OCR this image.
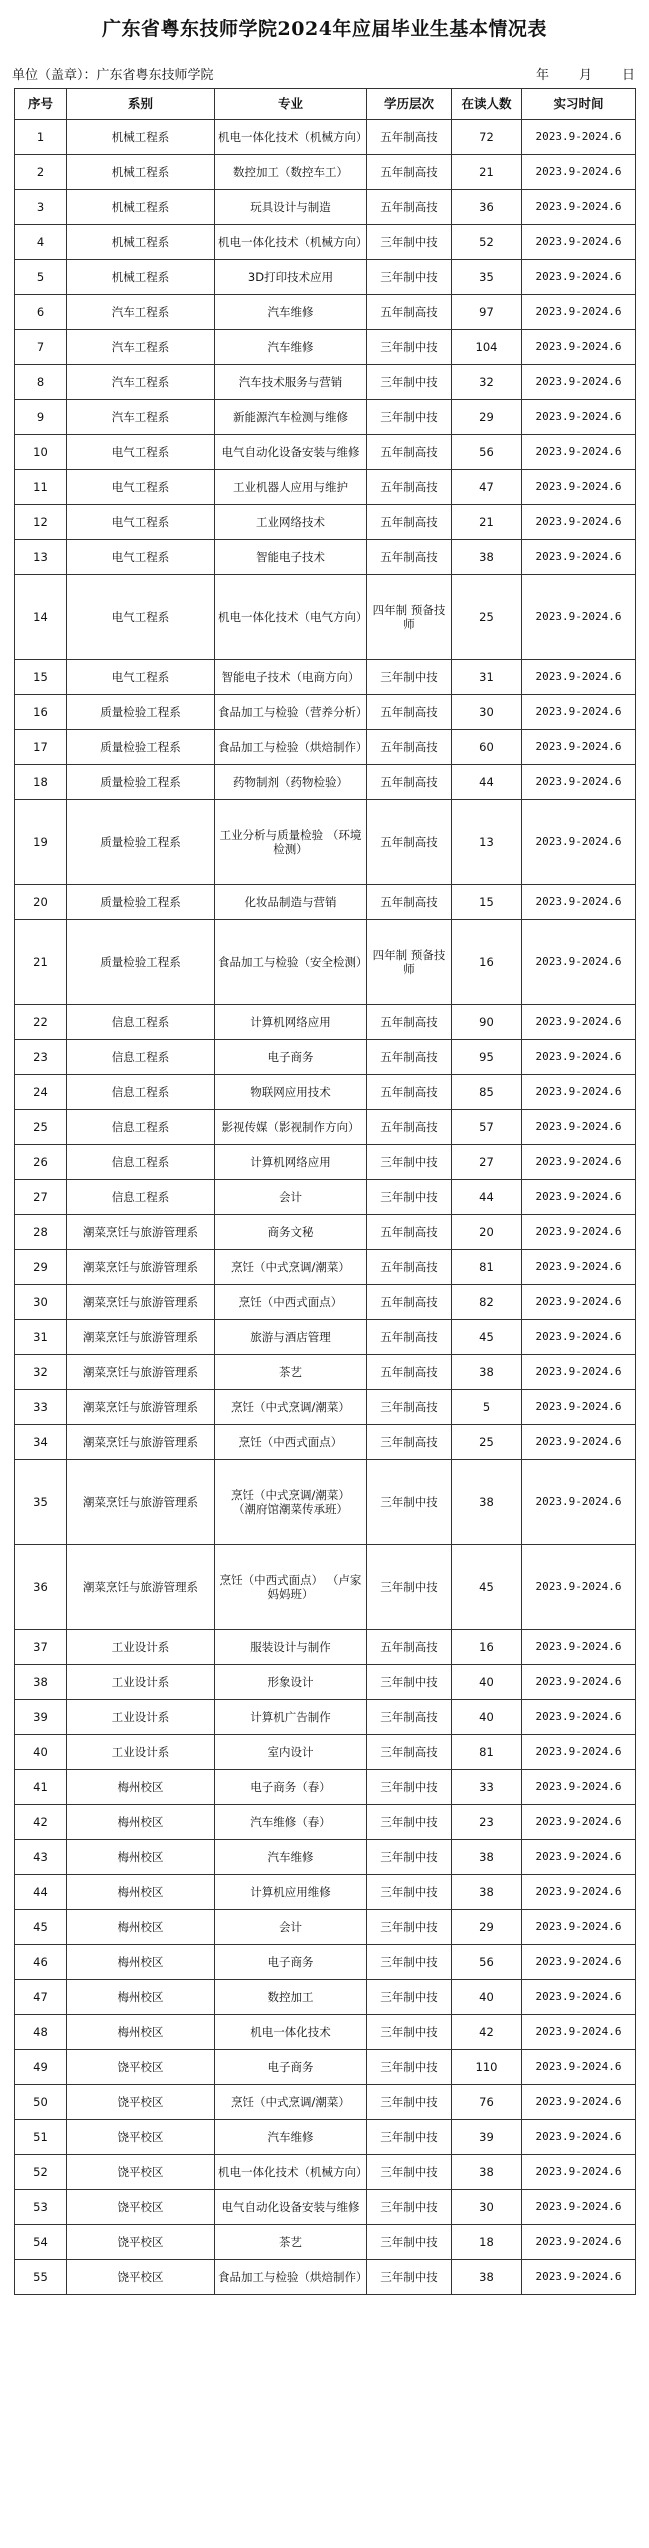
广东省粤东技师学院2024年应届毕业生基本情况表
单位（盖章）：广东省粤东技师学院	年 月 日
序号	系别	专业	学历层次	在读人数	实习时间
1	机械工程系	机电一体化技术（机械方向）	五年制高技	72	2023.9-2024.6
2	机械工程系	数控加工（数控车工）	五年制高技	21	2023.9-2024.6
3	机械工程系	玩具设计与制造	五年制高技	36	2023.9-2024.6
4	机械工程系	机电一体化技术（机械方向）	三年制中技	52	2023.9-2024.6
5	机械工程系	3D打印技术应用	三年制中技	35	2023.9-2024.6
6	汽车工程系	汽车维修	五年制高技	97	2023.9-2024.6
7	汽车工程系	汽车维修	三年制中技	104	2023.9-2024.6
8	汽车工程系	汽车技术服务与营销	三年制中技	32	2023.9-2024.6
9	汽车工程系	新能源汽车检测与维修	三年制中技	29	2023.9-2024.6
10	电气工程系	电气自动化设备安装与维修	五年制高技	56	2023.9-2024.6
11	电气工程系	工业机器人应用与维护	五年制高技	47	2023.9-2024.6
12	电气工程系	工业网络技术	五年制高技	21	2023.9-2024.6
13	电气工程系	智能电子技术	五年制高技	38	2023.9-2024.6
14	电气工程系	机电一体化技术（电气方向）	四年制 预备技师	25	2023.9-2024.6
15	电气工程系	智能电子技术（电商方向）	三年制中技	31	2023.9-2024.6
16	质量检验工程系	食品加工与检验（营养分析）	五年制高技	30	2023.9-2024.6
17	质量检验工程系	食品加工与检验（烘焙制作）	五年制高技	60	2023.9-2024.6
18	质量检验工程系	药物制剂（药物检验）	五年制高技	44	2023.9-2024.6
19	质量检验工程系	工业分析与质量检验 （环境检测）	五年制高技	13	2023.9-2024.6
20	质量检验工程系	化妆品制造与营销	五年制高技	15	2023.9-2024.6
21	质量检验工程系	食品加工与检验（安全检测）	四年制 预备技师	16	2023.9-2024.6
22	信息工程系	计算机网络应用	五年制高技	90	2023.9-2024.6
23	信息工程系	电子商务	五年制高技	95	2023.9-2024.6
24	信息工程系	物联网应用技术	五年制高技	85	2023.9-2024.6
25	信息工程系	影视传媒（影视制作方向）	五年制高技	57	2023.9-2024.6
26	信息工程系	计算机网络应用	三年制中技	27	2023.9-2024.6
27	信息工程系	会计	三年制中技	44	2023.9-2024.6
28	潮菜烹饪与旅游管理系	商务文秘	五年制高技	20	2023.9-2024.6
29	潮菜烹饪与旅游管理系	烹饪（中式烹调/潮菜）	五年制高技	81	2023.9-2024.6
30	潮菜烹饪与旅游管理系	烹饪（中西式面点）	五年制高技	82	2023.9-2024.6
31	潮菜烹饪与旅游管理系	旅游与酒店管理	五年制高技	45	2023.9-2024.6
32	潮菜烹饪与旅游管理系	茶艺	五年制高技	38	2023.9-2024.6
33	潮菜烹饪与旅游管理系	烹饪（中式烹调/潮菜）	三年制高技	5	2023.9-2024.6
34	潮菜烹饪与旅游管理系	烹饪（中西式面点）	三年制高技	25	2023.9-2024.6
35	潮菜烹饪与旅游管理系	烹饪（中式烹调/潮菜） （潮府馆潮菜传承班）	三年制中技	38	2023.9-2024.6
36	潮菜烹饪与旅游管理系	烹饪（中西式面点） （卢家妈妈班）	三年制中技	45	2023.9-2024.6
37	工业设计系	服装设计与制作	五年制高技	16	2023.9-2024.6
38	工业设计系	形象设计	三年制中技	40	2023.9-2024.6
39	工业设计系	计算机广告制作	三年制高技	40	2023.9-2024.6
40	工业设计系	室内设计	三年制高技	81	2023.9-2024.6
41	梅州校区	电子商务（春）	三年制中技	33	2023.9-2024.6
42	梅州校区	汽车维修（春）	三年制中技	23	2023.9-2024.6
43	梅州校区	汽车维修	三年制中技	38	2023.9-2024.6
44	梅州校区	计算机应用维修	三年制中技	38	2023.9-2024.6
45	梅州校区	会计	三年制中技	29	2023.9-2024.6
46	梅州校区	电子商务	三年制中技	56	2023.9-2024.6
47	梅州校区	数控加工	三年制中技	40	2023.9-2024.6
48	梅州校区	机电一体化技术	三年制中技	42	2023.9-2024.6
49	饶平校区	电子商务	三年制中技	110	2023.9-2024.6
50	饶平校区	烹饪（中式烹调/潮菜）	三年制中技	76	2023.9-2024.6
51	饶平校区	汽车维修	三年制中技	39	2023.9-2024.6
52	饶平校区	机电一体化技术（机械方向）	三年制中技	38	2023.9-2024.6
53	饶平校区	电气自动化设备安装与维修	三年制中技	30	2023.9-2024.6
54	饶平校区	茶艺	三年制中技	18	2023.9-2024.6
55	饶平校区	食品加工与检验（烘焙制作）	三年制中技	38	2023.9-2024.6
